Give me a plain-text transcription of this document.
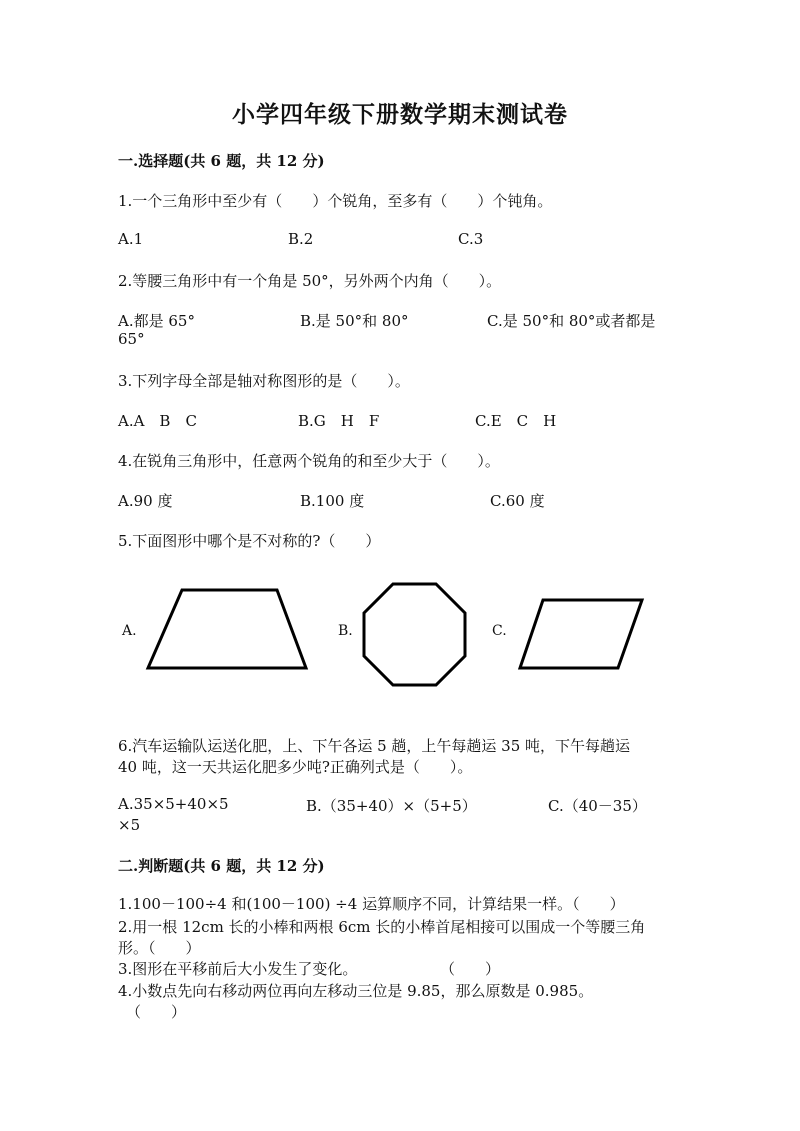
小学四年级下册数学期末测试卷
一.选择题(共 6 题，共 12 分)
1.一个三角形中至少有（　　）个锐角，至多有（　　）个钝角。
A.1	B.2	C.3
2.等腰三角形中有一个角是 50°，另外两个内角（　　）。
A.都是 65°	B.是 50°和 80°	C.是 50°和 80°或者都是
65°
3.下列字母全部是轴对称图形的是（　　）。
A.A　B　C	B.G　H　F	C.E　C　H
4.在锐角三角形中，任意两个锐角的和至少大于（　　）。
A.90 度	B.100 度	C.60 度
5.下面图形中哪个是不对称的?（　　）
A.	B.	C.
6.汽车运输队运送化肥，上、下午各运 5 趟，上午每趟运 35 吨，下午每趟运
40 吨，这一天共运化肥多少吨?正确列式是（　　）。
A.35×5+40×5	B.（35+40）×（5+5）	C.（40－35）
×5
二.判断题(共 6 题，共 12 分)
1.100－100÷4 和(100－100) ÷4 运算顺序不同，计算结果一样。（　　）
2.用一根 12cm 长的小棒和两根 6cm 长的小棒首尾相接可以围成一个等腰三角
形。（　　）
3.图形在平移前后大小发生了变化。	（　　）
4.小数点先向右移动两位再向左移动三位是 9.85，那么原数是 0.985。
（　　）
